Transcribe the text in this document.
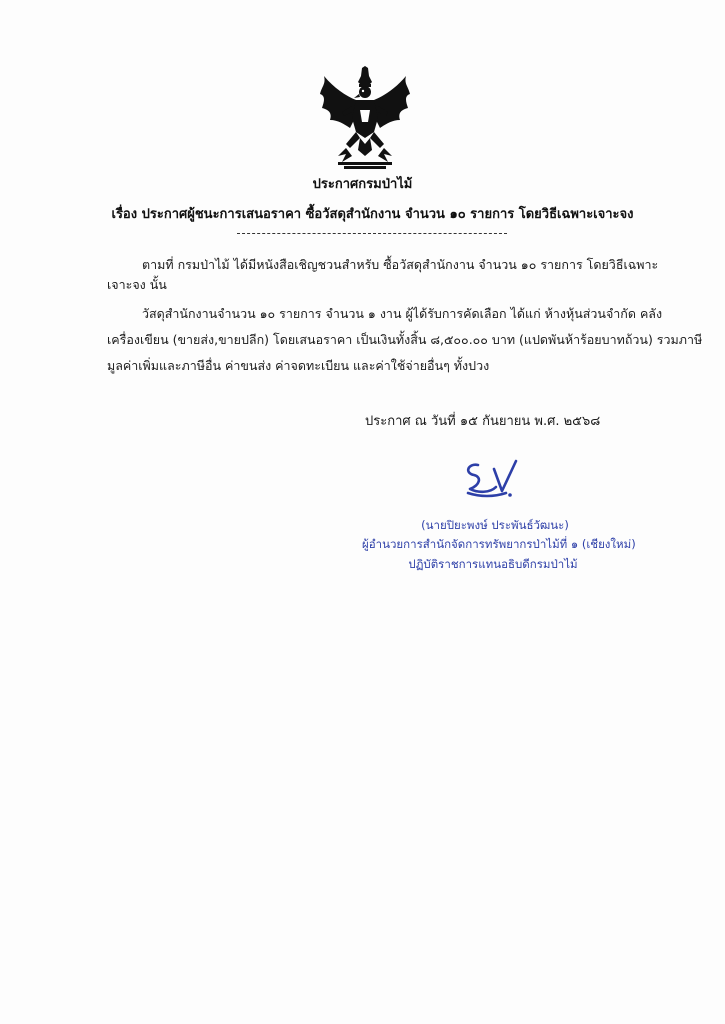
ประกาศกรมป่าไม้
เรื่อง ประกาศผู้ชนะการเสนอราคา ซื้อวัสดุสำนักงาน จำนวน ๑๐ รายการ โดยวิธีเฉพาะเจาะจง
ตามที่ กรมป่าไม้ ได้มีหนังสือเชิญชวนสำหรับ ซื้อวัสดุสำนักงาน จำนวน ๑๐ รายการ โดยวิธีเฉพาะ
เจาะจง นั้น
วัสดุสำนักงานจำนวน ๑๐ รายการ จำนวน ๑ งาน ผู้ได้รับการคัดเลือก ได้แก่ ห้างหุ้นส่วนจำกัด คลัง
เครื่องเขียน (ขายส่ง,ขายปลีก) โดยเสนอราคา เป็นเงินทั้งสิ้น ๘,๕๐๐.๐๐ บาท (แปดพันห้าร้อยบาทถ้วน) รวมภาษี
มูลค่าเพิ่มและภาษีอื่น ค่าขนส่ง ค่าจดทะเบียน และค่าใช้จ่ายอื่นๆ ทั้งปวง
ประกาศ ณ วันที่ ๑๕ กันยายน พ.ศ. ๒๕๖๘
(นายปิยะพงษ์ ประพันธ์วัฒนะ)
ผู้อำนวยการสำนักจัดการทรัพยากรป่าไม้ที่ ๑ (เชียงใหม่)
ปฏิบัติราชการแทนอธิบดีกรมป่าไม้
